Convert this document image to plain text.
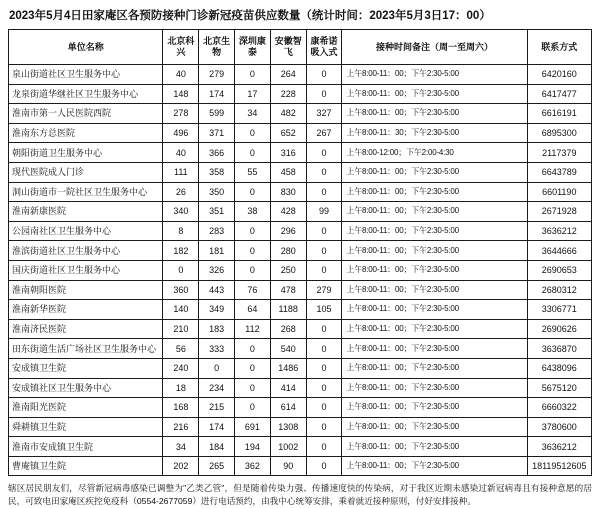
2023年5月4日田家庵区各预防接种门诊新冠疫苗供应数量（统计时间：2023年5月3日17：00）
单位名称	北京科兴	北京生物	深圳康泰	安徽智飞	康希诺吸入式	接种时间备注（周一至周六）	联系方式
泉山街道社区卫生服务中心	40	279	0	264	0	上午8:00-11：00；下午2:30-5:00	6420160
龙泉街道华继社区卫生服务中心	148	174	17	228	0	上午8:00-11：00；下午2:30-5:00	6417477
淮南市第一人民医院西院	278	599	34	482	327	上午8:00-11：00；下午2:30-5:00	6616191
淮南东方总医院	496	371	0	652	267	上午8:00-11：30；下午2:30-5:00	6895300
朝阳街道卫生服务中心	40	366	0	316	0	上午8:00-12:00；下午2:00-4:30	2117379
现代医院成人门诊	111	358	55	458	0	上午8:00-11：00；下午2:30-5:00	6643789
洞山街道市一院社区卫生服务中心	26	350	0	830	0	上午8:00-11：00；下午2:30-5:00	6601190
淮南新康医院	340	351	38	428	99	上午8:00-11：00；下午2:30-5:00	2671928
公园南社区卫生服务中心	8	283	0	296	0	上午8:00-11：00；下午2:30-5:00	3636212
淮滨街道社区卫生服务中心	182	181	0	280	0	上午8:00-11：00；下午2:30-5:00	3644666
国庆街道社区卫生服务中心	0	326	0	250	0	上午8:00-11：00；下午2:30-5:00	2690653
淮南朝阳医院	360	443	76	478	279	上午8:00-11：00；下午2:30-5:00	2680312
淮南新华医院	140	349	64	1188	105	上午8:00-11：00；下午2:30-5:00	3306771
淮南济民医院	210	183	112	268	0	上午8:00-11：00；下午2:30-5:00	2690626
田东街道生活广场社区卫生服务中心	56	333	0	540	0	上午8:00-11：00；下午2:30-5:00	3636870
安成镇卫生院	240	0	0	1486	0	上午8:00-11：00；下午2:30-5:00	6438096
安成镇社区卫生服务中心	18	234	0	414	0	上午8:00-11：00；下午2:30-5:00	5675120
淮南阳光医院	168	215	0	614	0	上午8:00-11：00；下午2:30-5:00	6660322
舜耕镇卫生院	216	174	691	1308	0	上午8:00-11：00；下午2:30-5:00	3780600
淮南市安成镇卫生院	34	184	194	1002	0	上午8:00-11：00；下午2:30-5:00	3636212
曹庵镇卫生院	202	265	362	90	0	上午8:00-11：00；下午2:30-5:00	18119512605

辖区居民朋友们，尽管新冠病毒感染已调整为"乙类乙管"，但是随着传染力强、传播速度快的传染病，对于我区近期未感染过新冠病毒且有接种意愿的居民，可致电田家庵区疾控免疫科（0554-2677059）进行电话预约，由我中心统筹安排，乘着就近接种原则，付好安排接种。
